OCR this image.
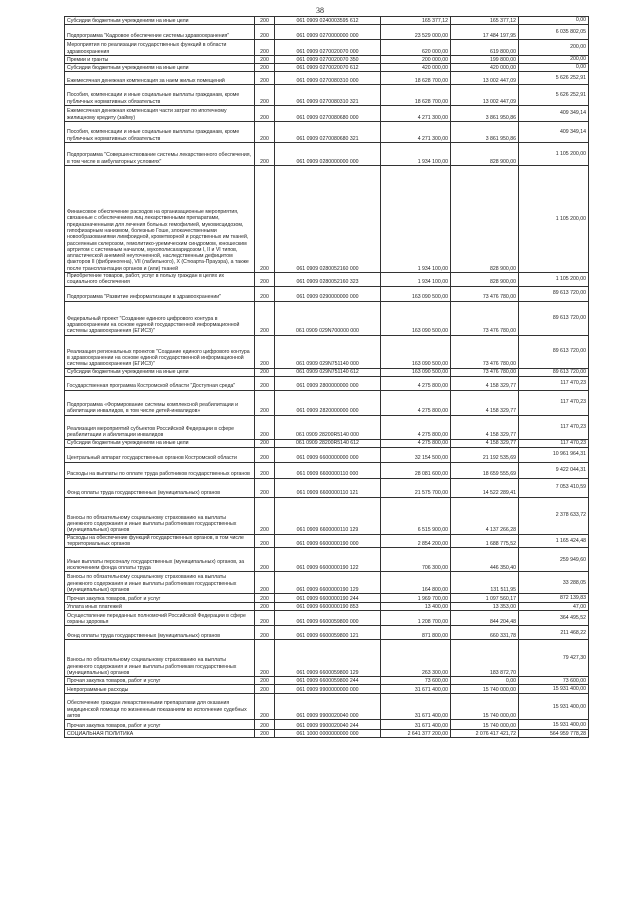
38
Субсидии бюджетным учреждениям на иные цели	200	061 0909 0240003595 612	165 377,12	165 377,12	0,00
Подпрограмма "Кадровое обеспечение системы здравоохранения"	200	061 0909 0270000000 000	23 529 000,00	17 484 197,95	6 035 802,05
Мероприятия по реализации государственных функций в области здравоохранения	200	061 0909 0270020070 000	620 000,00	619 800,00	200,00
Премии и гранты	200	061 0909 0270020070 350	200 000,00	199 800,00	200,00
Субсидии бюджетным учреждениям на иные цели	200	061 0909 0270020070 612	420 000,00	420 000,00	0,00
Ежемесячная денежная компенсация за наем жилых помещений	200	061 0909 0270080310 000	18 628 700,00	13 002 447,09	5 626 252,91
Пособия, компенсации и иные социальные выплаты гражданам, кроме публичных нормативных обязательств	200	061 0909 0270080310 321	18 628 700,00	13 002 447,09	5 626 252,91
Ежемесячная денежная компенсация части затрат по ипотечному жилищному кредиту (займу)	200	061 0909 0270080680 000	4 271 300,00	3 861 950,86	409 349,14
Пособия, компенсации и иные социальные выплаты гражданам, кроме публичных нормативных обязательств	200	061 0909 0270080680 321	4 271 300,00	3 861 950,86	409 349,14
Подпрограмма "Совершенствование системы лекарственного обеспечения, в том числе в амбулаторных условиях"	200	061 0909 0280000000 000	1 934 100,00	828 900,00	1 105 200,00
Финансовое обеспечение расходов на организационные мероприятия, связанные с обеспечением лиц лекарственными препаратами, предназначенными для лечения больных гемофилией, муковисцидозом, гипофизарным нанизмом, болезнью Гоше, злокачественными новообразованиями лимфоидной, кроветворной и родственных им тканей, рассеянным склерозом, гемолитико-уремическим синдромом, юношеским артритом с системным началом, мукополисахаридозом I, II и VI типов, апластической анемией неуточненной, наследственным дефицитом факторов II (фибриногена), VII (лабильного), X (Стюарта-Прауэра), а также после трансплантации органов и (или) тканей	200	061 0909 0280052160 000	1 934 100,00	828 900,00	1 105 200,00
Приобретение товаров, работ, услуг в пользу граждан в целях их социального обеспечения	200	061 0909 0280052160 323	1 934 100,00	828 900,00	1 105 200,00
Подпрограмма "Развитие информатизации в здравоохранении"	200	061 0909 0290000000 000	163 090 500,00	73 476 780,00	89 613 720,00
Федеральный проект "Создание единого цифрового контура в здравоохранении на основе единой государственной информационной системы здравоохранения (ЕГИСЗ)"	200	061 0909 029N700000 000	163 090 500,00	73 476 780,00	89 613 720,00
Реализация региональных проектов "Создание единого цифрового контура в здравоохранении на основе единой государственной информационной системы здравоохранения (ЕГИСЗ)"	200	061 0909 029N751140 000	163 090 500,00	73 476 780,00	89 613 720,00
Субсидии бюджетным учреждениям на иные цели	200	061 0909 029N751140 612	163 090 500,00	73 476 780,00	89 613 720,00
Государственная программа Костромской области "Доступная среда"	200	061 0909 2800000000 000	4 275 800,00	4 158 329,77	117 470,23
Подпрограмма «Формирование системы комплексной реабилитации и абилитации инвалидов, в том числе детей-инвалидов»	200	061 0909 2820000000 000	4 275 800,00	4 158 329,77	117 470,23
Реализация мероприятий субъектов Российской Федерации в сфере реабилитации и абилитации инвалидов	200	061 0909 28200R5140 000	4 275 800,00	4 158 329,77	117 470,23
Субсидии бюджетным учреждениям на иные цели	200	061 0909 28200R5140 612	4 275 800,00	4 158 329,77	117 470,23
Центральный аппарат государственных органов Костромской области	200	061 0909 6600000000 000	32 154 500,00	21 192 535,69	10 961 964,31
Расходы на выплаты по оплате труда работников государственных органов	200	061 0909 6600000110 000	28 081 600,00	18 659 555,69	9 422 044,31
Фонд оплаты труда государственных (муниципальных) органов	200	061 0909 6600000110 121	21 575 700,00	14 522 289,41	7 053 410,59
Взносы по обязательному социальному страхованию на выплаты денежного содержания и иные выплаты работникам государственных (муниципальных) органов	200	061 0909 6600000110 129	6 515 900,00	4 137 266,28	2 378 633,72
Расходы на обеспечение функций государственных органов, в том числе территориальных органов	200	061 0909 6600000190 000	2 854 200,00	1 688 775,52	1 165 424,48
Иные выплаты персоналу государственных (муниципальных) органов, за исключением фонда оплаты труда	200	061 0909 6600000190 122	706 300,00	446 350,40	259 949,60
Взносы по обязательному социальному страхованию на выплаты денежного содержания и иные выплаты работникам государственных (муниципальных) органов	200	061 0909 6600000190 129	164 800,00	131 511,95	33 288,05
Прочая закупка товаров, работ и услуг	200	061 0909 6600000190 244	1 969 700,00	1 097 560,17	872 139,83
Уплата иных платежей	200	061 0909 6600000190 853	13 400,00	13 353,00	47,00
Осуществление переданных полномочий Российской Федерации в сфере охраны здоровья	200	061 0909 6600059800 000	1 208 700,00	844 204,48	364 495,52
Фонд оплаты труда государственных (муниципальных) органов	200	061 0909 6600059800 121	871 800,00	660 331,78	211 468,22
Взносы по обязательному социальному страхованию на выплаты денежного содержания и иные выплаты работникам государственных (муниципальных) органов	200	061 0909 6600059800 129	263 300,00	183 872,70	79 427,30
Прочая закупка товаров, работ и услуг	200	061 0909 6600059800 244	73 600,00	0,00	73 600,00
Непрограммные расходы	200	061 0909 9900000000 000	31 671 400,00	15 740 000,00	15 931 400,00
Обеспечение граждан лекарственными препаратами для оказания медицинской помощи по жизненным показаниям во исполнение судебных актов	200	061 0909 9900020040 000	31 671 400,00	15 740 000,00	15 931 400,00
Прочая закупка товаров, работ и услуг	200	061 0909 9900020040 244	31 671 400,00	15 740 000,00	15 931 400,00
СОЦИАЛЬНАЯ ПОЛИТИКА	200	061 1000 0000000000 000	2 641 377 200,00	2 076 417 421,72	564 959 778,28
